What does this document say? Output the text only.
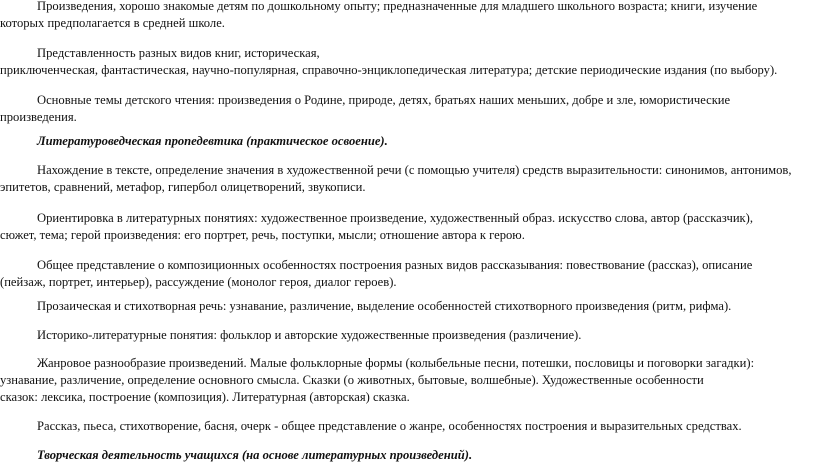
Произведения, хорошо знакомые детям по дошкольному опыту; предназначенные для младшего школьного возраста; книги, изучение
которых предполагается в средней школе.

Представленность разных видов книг, историческая,
приключенческая, фантастическая, научно-популярная, справочно-энциклопедическая литература; детские периодические издания (по выбору).

Основные темы детского чтения: произведения о Родине, природе, детях, братьях наших меньших, добре и зле, юмористические
произведения.

Литературоведческая пропедевтика (практическое освоение).

Нахождение в тексте, определение значения в художественной речи (с помощью учителя) средств выразительности: синонимов, антонимов,
эпитетов, сравнений, метафор, гипербол олицетворений, звукописи.

Ориентировка в литературных понятиях: художественное произведение, художественный образ. искусство слова, автор (рассказчик),
сюжет, тема; герой произведения: его портрет, речь, поступки, мысли; отношение автора к герою.

Общее представление о композиционных особенностях построения разных видов рассказывания: повествование (рассказ), описание
(пейзаж, портрет, интерьер), рассуждение (монолог героя, диалог героев).

Прозаическая и стихотворная речь: узнавание, различение, выделение особенностей стихотворного произведения (ритм, рифма).

Историко-литературные понятия: фольклор и авторские художественные произведения (различение).

Жанровое разнообразие произведений. Малые фольклорные формы (колыбельные песни, потешки, пословицы и поговорки загадки):
узнавание, различение, определение основного смысла. Сказки (о животных, бытовые, волшебные). Художественные особенности
сказок: лексика, построение (композиция). Литературная (авторская) сказка.

Рассказ, пьеса, стихотворение, басня, очерк - общее представление о жанре, особенностях построения и выразительных средствах.

Творческая деятельность учащихся (на основе литературных произведений).
